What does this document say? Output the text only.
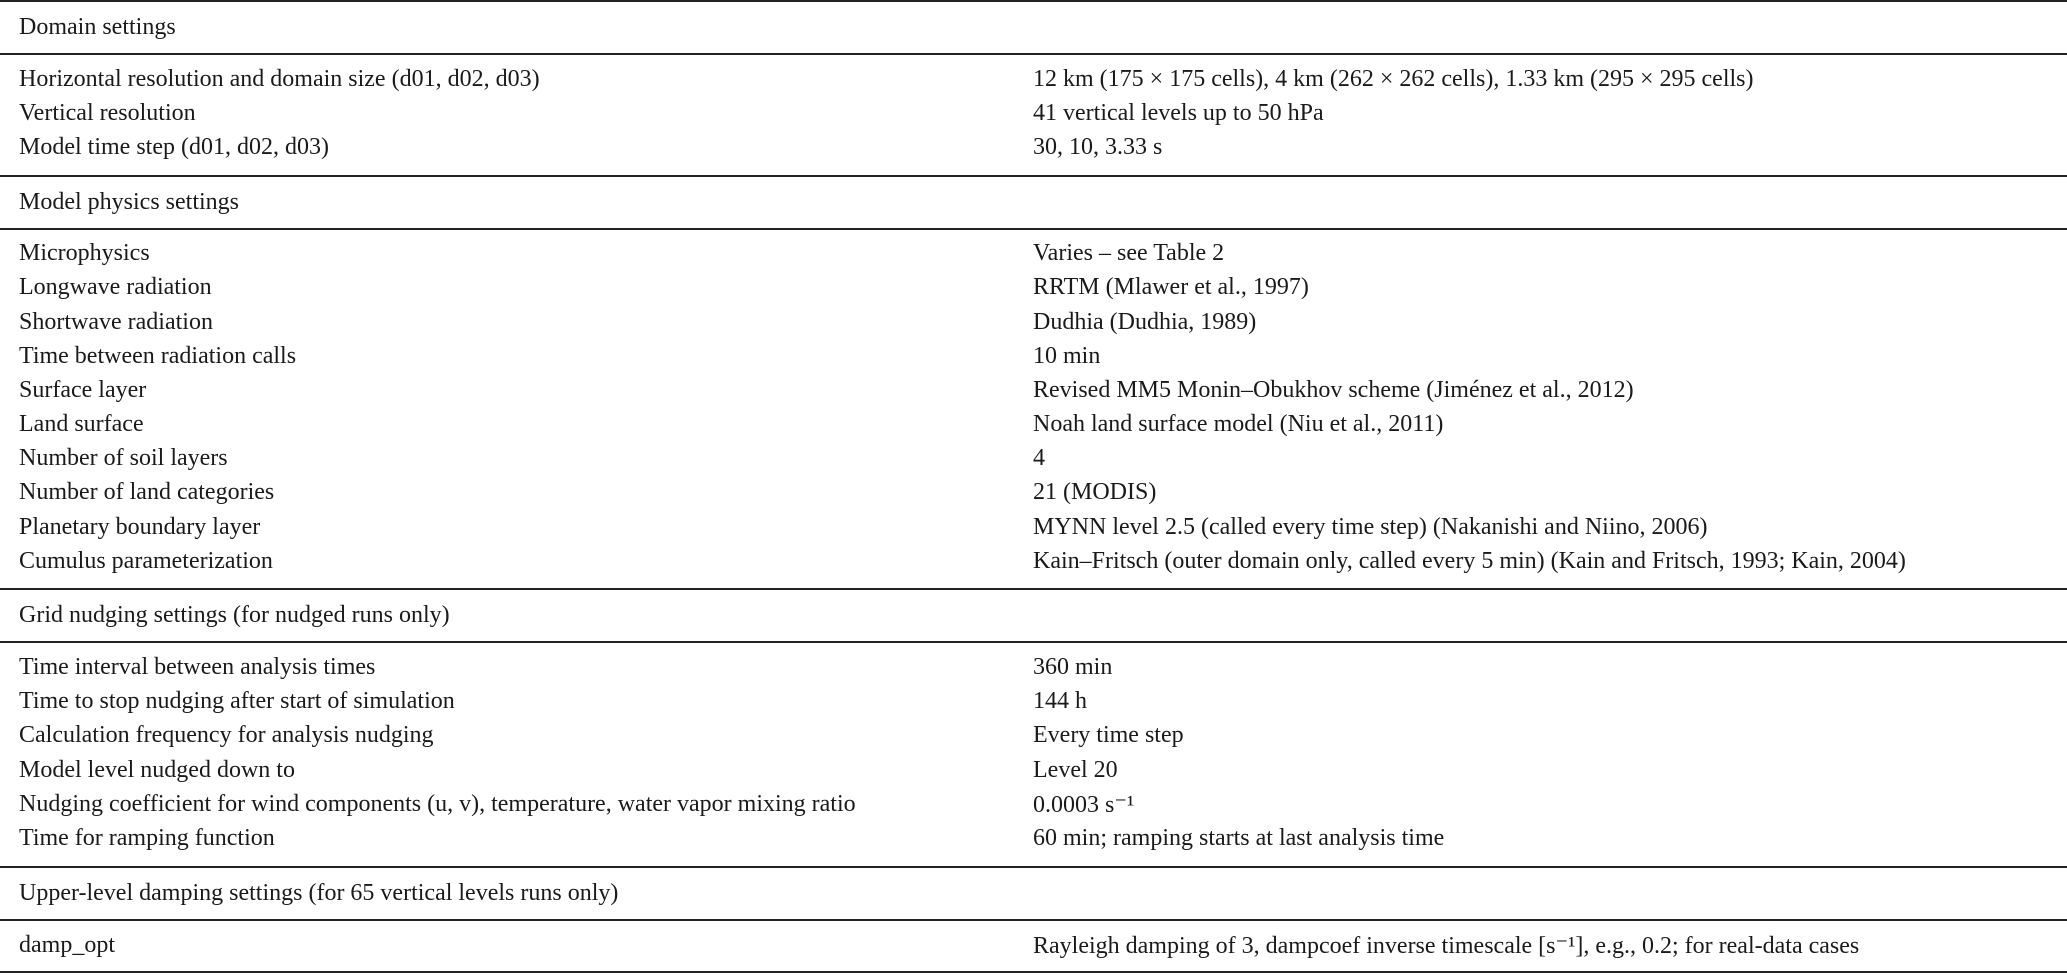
Domain settings
Horizontal resolution and domain size (d01, d02, d03)	12 km (175 × 175 cells), 4 km (262 × 262 cells), 1.33 km (295 × 295 cells)
Vertical resolution	41 vertical levels up to 50 hPa
Model time step (d01, d02, d03)	30, 10, 3.33 s
Model physics settings
Microphysics	Varies – see Table 2
Longwave radiation	RRTM (Mlawer et al., 1997)
Shortwave radiation	Dudhia (Dudhia, 1989)
Time between radiation calls	10 min
Surface layer	Revised MM5 Monin–Obukhov scheme (Jiménez et al., 2012)
Land surface	Noah land surface model (Niu et al., 2011)
Number of soil layers	4
Number of land categories	21 (MODIS)
Planetary boundary layer	MYNN level 2.5 (called every time step) (Nakanishi and Niino, 2006)
Cumulus parameterization	Kain–Fritsch (outer domain only, called every 5 min) (Kain and Fritsch, 1993; Kain, 2004)
Grid nudging settings (for nudged runs only)
Time interval between analysis times	360 min
Time to stop nudging after start of simulation	144 h
Calculation frequency for analysis nudging	Every time step
Model level nudged down to	Level 20
Nudging coefficient for wind components (u, v), temperature, water vapor mixing ratio	0.0003 s⁻¹
Time for ramping function	60 min; ramping starts at last analysis time
Upper-level damping settings (for 65 vertical levels runs only)
damp_opt	Rayleigh damping of 3, dampcoef inverse timescale [s⁻¹], e.g., 0.2; for real-data cases
